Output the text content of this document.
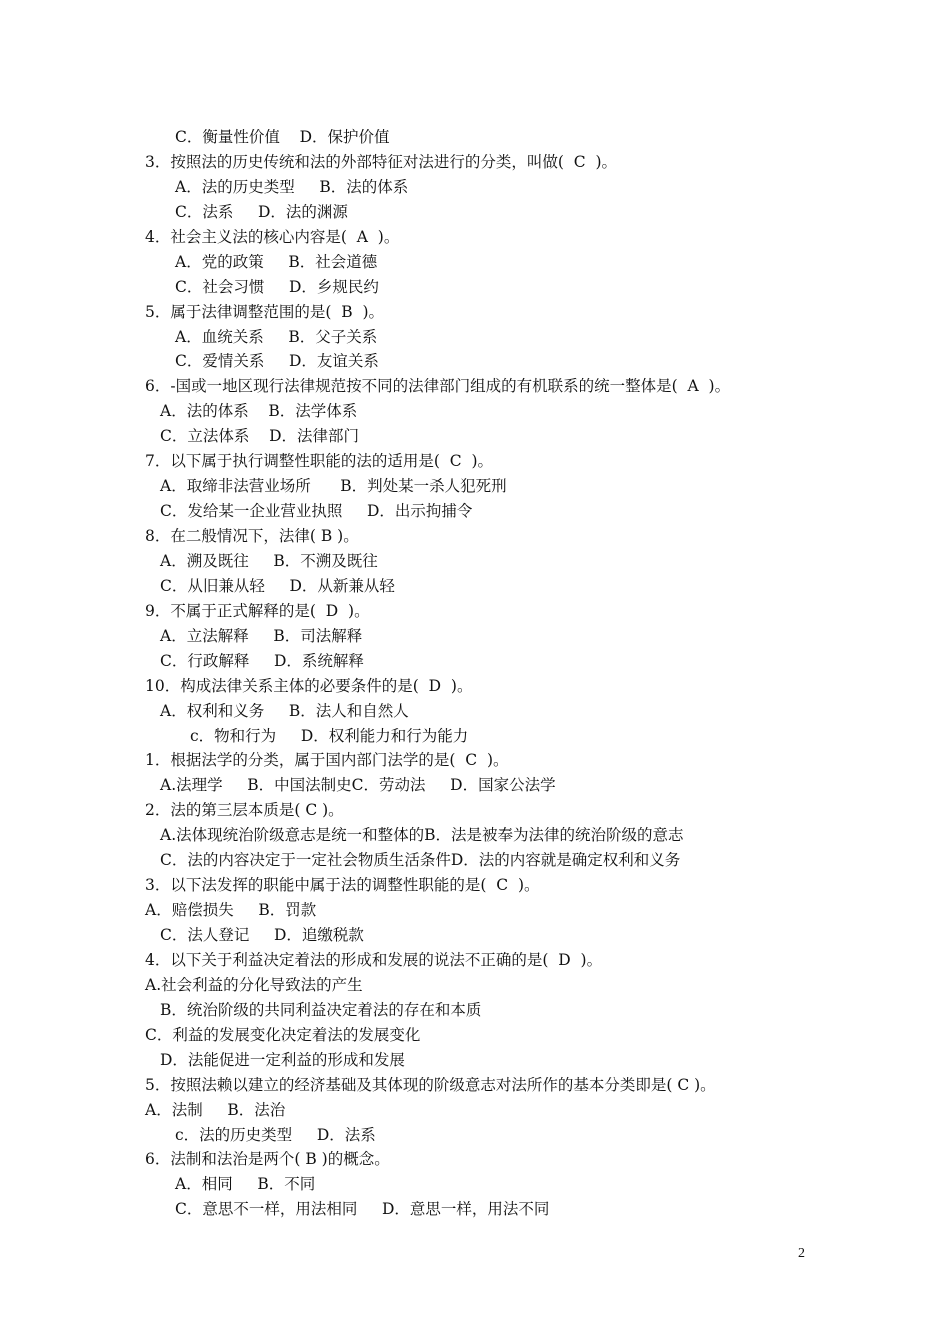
C．衡量性价值    D．保护价值
3．按照法的历史传统和法的外部特征对法进行的分类，叫做(  C  )。
A．法的历史类型     B．法的体系
C．法系     D．法的渊源
4．社会主义法的核心内容是(  A  )。
A．党的政策     B．社会道德
C．社会习惯     D．乡规民约
5．属于法律调整范围的是(  B  )。
A．血统关系     B．父子关系
C．爱情关系     D．友谊关系
6．-国或一地区现行法律规范按不同的法律部门组成的有机联系的统一整体是(  A  )。
A．法的体系    B．法学体系
C．立法体系    D．法律部门
7．以下属于执行调整性职能的法的适用是(  C  )。
A．取缔非法营业场所      B．判处某一杀人犯死刑
C．发给某一企业营业执照     D．出示拘捕令
8．在二般情况下，法律( B )。
A．溯及既往     B．不溯及既往
C．从旧兼从轻     D．从新兼从轻
9．不属于正式解释的是(  D  )。
A．立法解释     B．司法解释
C．行政解释     D．系统解释
10．构成法律关系主体的必要条件的是(  D  )。
A．权利和义务     B．法人和自然人
c．物和行为     D．权利能力和行为能力
1．根据法学的分类，属于国内部门法学的是(  C  )。
A.法理学     B．中国法制史C．劳动法     D．国家公法学
2．法的第三层本质是( C )。
A.法体现统治阶级意志是统一和整体的B．法是被奉为法律的统治阶级的意志
C．法的内容决定于一定社会物质生活条件D．法的内容就是确定权利和义务
3．以下法发挥的职能中属于法的调整性职能的是(  C  )。
A．赔偿损失     B．罚款
C．法人登记     D．追缴税款
4．以下关于利益决定着法的形成和发展的说法不正确的是(  D  )。
A.社会利益的分化导致法的产生
B．统治阶级的共同利益决定着法的存在和本质
C．利益的发展变化决定着法的发展变化
D．法能促进一定利益的形成和发展
5．按照法赖以建立的经济基础及其体现的阶级意志对法所作的基本分类即是( C )。
A．法制     B．法治
c．法的历史类型     D．法系
6．法制和法治是两个( B )的概念。
A．相同     B．不同
C．意思不一样，用法相同     D．意思一样，用法不同
2
